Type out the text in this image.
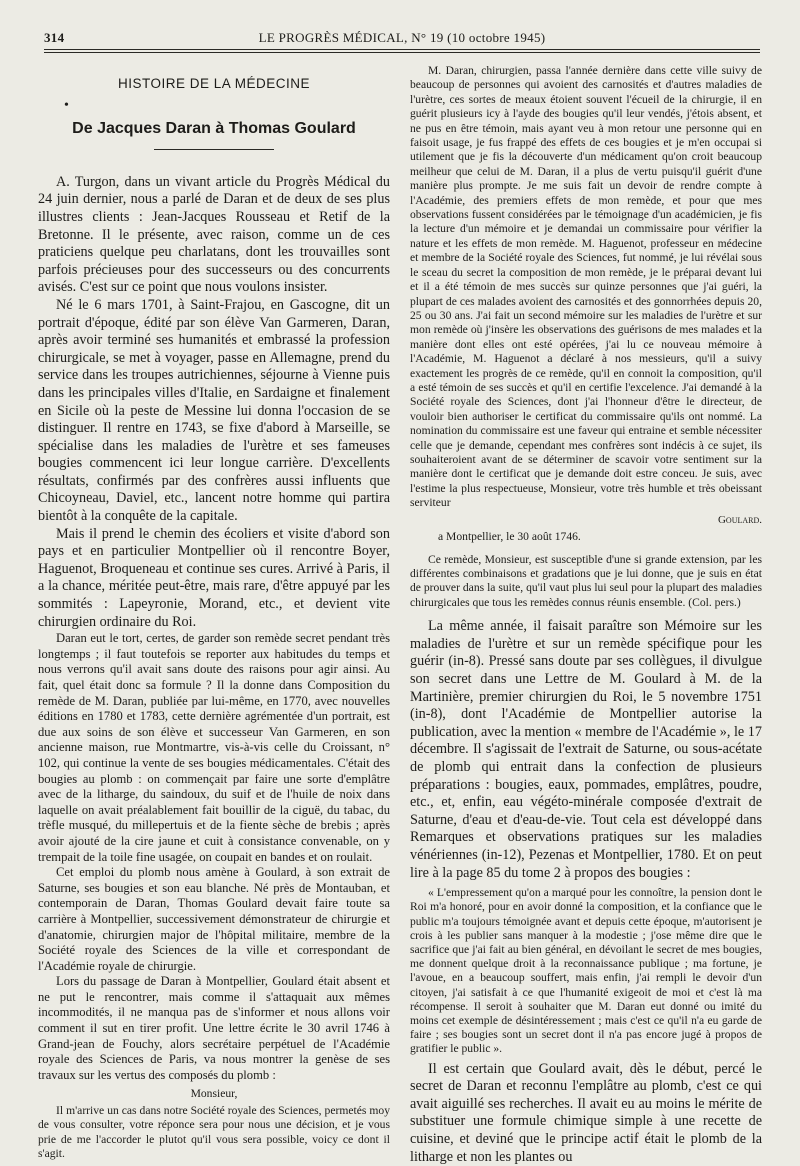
314	LE PROGRÈS MÉDICAL, N° 19 (10 octobre 1945)
HISTOIRE DE LA MÉDECINE
•
De Jacques Daran à Thomas Goulard

A. Turgon, dans un vivant article du Progrès Médical du 24 juin dernier, nous a parlé de Daran et de deux de ses plus illustres clients : Jean-Jacques Rousseau et Retif de la Bretonne. Il le présente, avec raison, comme un de ces praticiens quelque peu charlatans, dont les trouvailles sont parfois précieuses pour des successeurs ou des concurrents avisés. C'est sur ce point que nous voulons insister.

Né le 6 mars 1701, à Saint-Frajou, en Gascogne, dit un portrait d'époque, édité par son élève Van Garmeren, Daran, après avoir terminé ses humanités et embrassé la profession chirurgicale, se met à voyager, passe en Allemagne, prend du service dans les troupes autrichiennes, séjourne à Vienne puis dans les principales villes d'Italie, en Sardaigne et finalement en Sicile où la peste de Messine lui donna l'occasion de se distinguer. Il rentre en 1743, se fixe d'abord à Marseille, se spécialise dans les maladies de l'urètre et ses fameuses bougies commencent ici leur longue carrière. D'excellents résultats, confirmés par des confrères aussi influents que Chicoyneau, Daviel, etc., lancent notre homme qui partira bientôt à la conquête de la capitale.

Mais il prend le chemin des écoliers et visite d'abord son pays et en particulier Montpellier où il rencontre Boyer, Haguenot, Broqueneau et continue ses cures. Arrivé à Paris, il a la chance, méritée peut-être, mais rare, d'être appuyé par les sommités : Lapeyronie, Morand, etc., et devient vite chirurgien ordinaire du Roi.

Daran eut le tort, certes, de garder son remède secret pendant très longtemps ; il faut toutefois se reporter aux habitudes du temps et nous verrons qu'il avait sans doute des raisons pour agir ainsi. Au fait, quel était donc sa formule ? Il la donne dans Composition du remède de M. Daran, publiée par lui-même, en 1770, avec nouvelles éditions en 1780 et 1783, cette dernière agrémentée d'un portrait, est due aux soins de son élève et successeur Van Garmeren, en son ancienne maison, rue Montmartre, vis-à-vis celle du Croissant, n° 102, qui continue la vente de ses bougies médicamentales. C'était des bougies au plomb : on commençait par faire une sorte d'emplâtre avec de la litharge, du saindoux, du suif et de l'huile de noix dans laquelle on avait préalablement fait bouillir de la ciguë, du tabac, du trèfle musqué, du millepertuis et de la fiente sèche de brebis ; après avoir ajouté de la cire jaune et cuit à consistance convenable, on y trempait de la toile fine usagée, on coupait en bandes et on roulait.

Cet emploi du plomb nous amène à Goulard, à son extrait de Saturne, ses bougies et son eau blanche. Né près de Montauban, et contemporain de Daran, Thomas Goulard devait faire toute sa carrière à Montpellier, successivement démonstrateur de chirurgie et d'anatomie, chirurgien major de l'hôpital militaire, membre de la Société royale des Sciences de la ville et correspondant de l'Académie royale de chirurgie.

Lors du passage de Daran à Montpellier, Goulard était absent et ne put le rencontrer, mais comme il s'attaquait aux mêmes incommodités, il ne manqua pas de s'informer et nous allons voir comment il sut en tirer profit. Une lettre écrite le 30 avril 1746 à Grand-jean de Fouchy, alors secrétaire perpétuel de l'Académie royale des Sciences de Paris, va nous montrer la genèse de ses travaux sur les vertus des composés du plomb :

Monsieur,

Il m'arrive un cas dans notre Société royale des Sciences, permetés moy de vous consulter, votre réponce sera pour nous une décision, et je vous prie de me l'accorder le plutot qu'il vous sera possible, voicy ce dont il s'agit.

M. Daran, chirurgien, passa l'année dernière dans cette ville suivy de beaucoup de personnes qui avoient des carnosités et d'autres maladies de l'urètre, ces sortes de meaux étoient souvent l'écueil de la chirurgie, il en guérit plusieurs icy à l'ayde des bougies qu'il leur vendés, j'étois absent, et ne pus en être témoin, mais ayant veu à mon retour une personne qui en faisoit usage, je fus frappé des effets de ces bougies et je m'en occupai si utilement que je fis la découverte d'un médicament qu'on croit beaucoup meilheur que celui de M. Daran, il a plus de vertu puisqu'il guérit d'une manière plus prompte. Je me suis fait un devoir de rendre compte à l'Académie, des premiers effets de mon remède, et pour que mes observations fussent considérées par le témoignage d'un académicien, je fis la lecture d'un mémoire et je demandai un commissaire pour vérifier la nature et les effets de mon remède. M. Haguenot, professeur en médecine et membre de la Société royale des Sciences, fut nommé, je lui révélai sous le sceau du secret la composition de mon remède, je le préparai devant lui et il a été témoin de mes succès sur quinze personnes que j'ai guéri, la plupart de ces malades avoient des carnosités et des gonnorrhées depuis 20, 25 ou 30 ans. J'ai fait un second mémoire sur les maladies de l'urètre et sur mon remède où j'insère les observations des guérisons de mes malades et la manière dont elles ont esté opérées, j'ai lu ce nouveau mémoire à l'Académie, M. Haguenot a déclaré à nos messieurs, qu'il a suivy exactement les progrès de ce remède, qu'il en connoit la composition, qu'il a esté témoin de ses succès et qu'il en certifie l'excelence. J'ai demandé à la Société royale des Sciences, dont j'ai l'honneur d'être le directeur, de vouloir bien authoriser le certificat du commissaire qu'ils ont nommé. La nomination du commissaire est une faveur qui entraine et semble nécessiter celle que je demande, cependant mes confrères sont indécis à ce sujet, ils souhaiteroient avant de se déterminer de scavoir votre sentiment sur la manière dont le certificat que je demande doit estre conceu. Je suis, avec l'estime la plus respectueuse, Monsieur, votre très humble et très obeissant serviteur

Goulard.

a Montpellier, le 30 août 1746.

Ce remède, Monsieur, est susceptible d'une si grande extension, par les différentes combinaisons et gradations que je lui donne, que je suis en état de prouver dans la suite, qu'il vaut plus lui seul pour la plupart des maladies chirurgicales que tous les remèdes connus réunis ensemble. (Col. pers.)

La même année, il faisait paraître son Mémoire sur les maladies de l'urètre et sur un remède spécifique pour les guérir (in-8). Pressé sans doute par ses collègues, il divulgue son secret dans une Lettre de M. Goulard à M. de la Martinière, premier chirurgien du Roi, le 5 novembre 1751 (in-8), dont l'Académie de Montpellier autorise la publication, avec la mention « membre de l'Académie », le 17 décembre. Il s'agissait de l'extrait de Saturne, ou sous-acétate de plomb qui entrait dans la confection de plusieurs préparations : bougies, eaux, pommades, emplâtres, poudre, etc., et, enfin, eau végéto-minérale composée d'extrait de Saturne, d'eau et d'eau-de-vie. Tout cela est développé dans Remarques et observations pratiques sur les maladies vénériennes (in-12), Pezenas et Montpellier, 1780. Et on peut lire à la page 85 du tome 2 à propos des bougies :

« L'empressement qu'on a marqué pour les connoître, la pension dont le Roi m'a honoré, pour en avoir donné la composition, et la confiance que le public m'a toujours témoignée avant et depuis cette époque, m'autorisent je crois à les publier sans manquer à la modestie ; j'ose même dire que le sacrifice que j'ai fait au bien général, en dévoilant le secret de mes bougies, me donnent quelque droit à la reconnaissance publique ; ma fortune, je l'avoue, en a beaucoup souffert, mais enfin, j'ai rempli le devoir d'un citoyen, j'ai satisfait à ce que l'humanité exigeoit de moi et c'est là ma récompense. Il seroit à souhaiter que M. Daran eut donné ou imité du moins cet exemple de désintéressement ; mais c'est ce qu'il n'a eu garde de faire ; ses bougies sont un secret dont il n'a pas encore jugé à propos de gratifier le public ».

Il est certain que Goulard avait, dès le début, percé le secret de Daran et reconnu l'emplâtre au plomb, c'est ce qui avait aiguillé ses recherches. Il avait eu au moins le mérite de substituer une formule chimique simple à une recette de cuisine, et deviné que le principe actif était le plomb de la litharge et non les plantes ou
